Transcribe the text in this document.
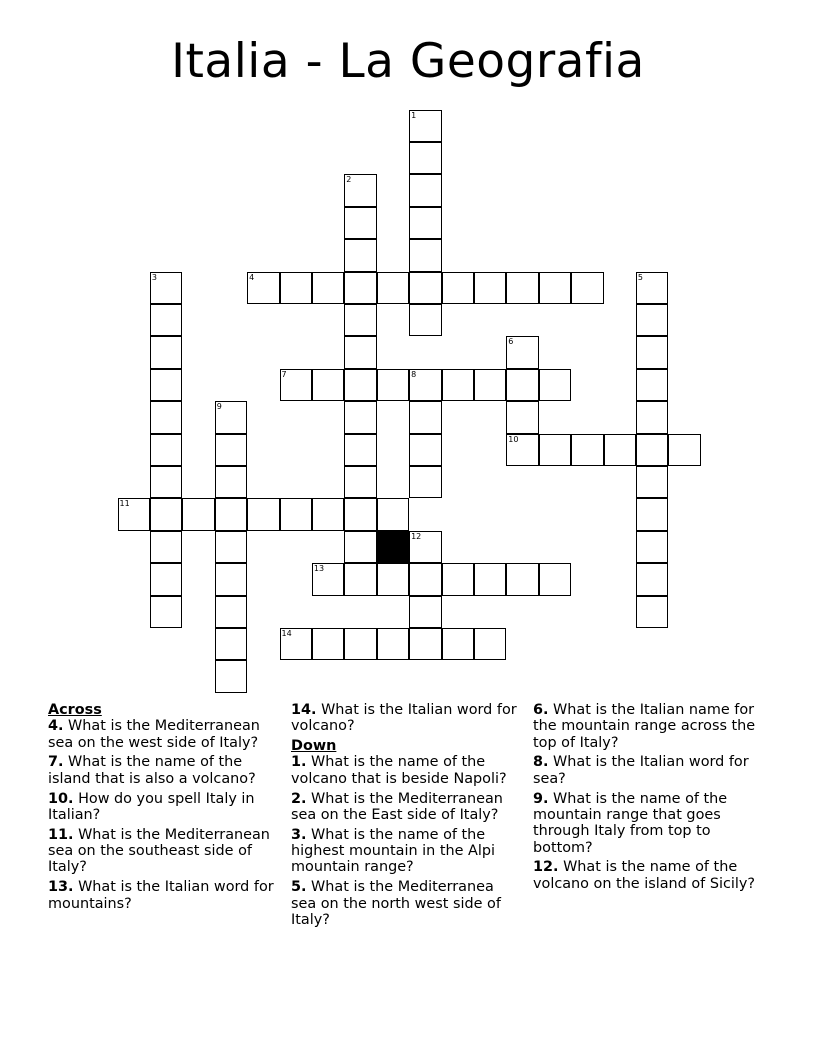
Italia - La Geografia
1
2
3	4	5
6
7	8
9
10
11
12
13
14
Across
4. What is the Mediterranean sea on the west side of Italy?
7. What is the name of the island that is also a volcano?
10. How do you spell Italy in Italian?
11. What is the Mediterranean sea on the southeast side of Italy?
13. What is the Italian word for mountains?
14. What is the Italian word for volcano?
Down
1. What is the name of the volcano that is beside Napoli?
2. What is the Mediterranean sea on the East side of Italy?
3. What is the name of the highest mountain in the Alpi mountain range?
5. What is the Mediterranea sea on the north west side of Italy?
6. What is the Italian name for the mountain range across the top of Italy?
8. What is the Italian word for sea?
9. What is the name of the mountain range that goes through Italy from top to bottom?
12. What is the name of the volcano on the island of Sicily?
